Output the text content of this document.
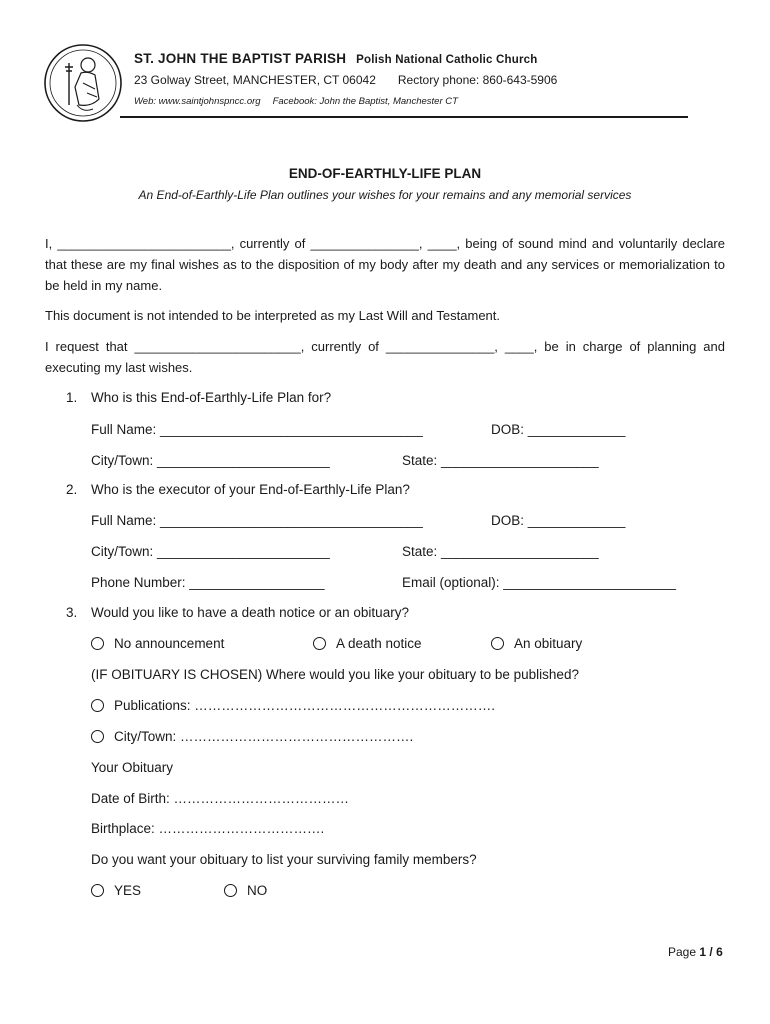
ST. JOHN THE BAPTIST PARISH Polish National Catholic Church
23 Golway Street, MANCHESTER, CT 06042 Rectory phone: 860-643-5906
Web: www.saintjohnspncc.org Facebook: John the Baptist, Manchester CT
END-OF-EARTHLY-LIFE PLAN
An End-of-Earthly-Life Plan outlines your wishes for your remains and any memorial services
I, ________________________, currently of _______________, ____, being of sound mind and voluntarily declare that these are my final wishes as to the disposition of my body after my death and any services or memorialization to be held in my name.
This document is not intended to be interpreted as my Last Will and Testament.
I request that _______________________, currently of _______________, ____, be in charge of planning and executing my last wishes.
1. Who is this End-of-Earthly-Life Plan for?
Full Name: ___________________________________	DOB: _____________
City/Town: _______________________	State: _____________________
2. Who is the executor of your End-of-Earthly-Life Plan?
Full Name: ___________________________________	DOB: _____________
City/Town: _______________________	State: _____________________
Phone Number: __________________	Email (optional): _______________________
3. Would you like to have a death notice or an obituary?
No announcement	A death notice	An obituary
(IF OBITUARY IS CHOSEN) Where would you like your obituary to be published?
Publications: ………………………………………………………….
City/Town: …………………………………………….
Your Obituary
Date of Birth: …………………………………
Birthplace: ……………………………….
Do you want your obituary to list your surviving family members?
YES	NO
Page 1 / 6
